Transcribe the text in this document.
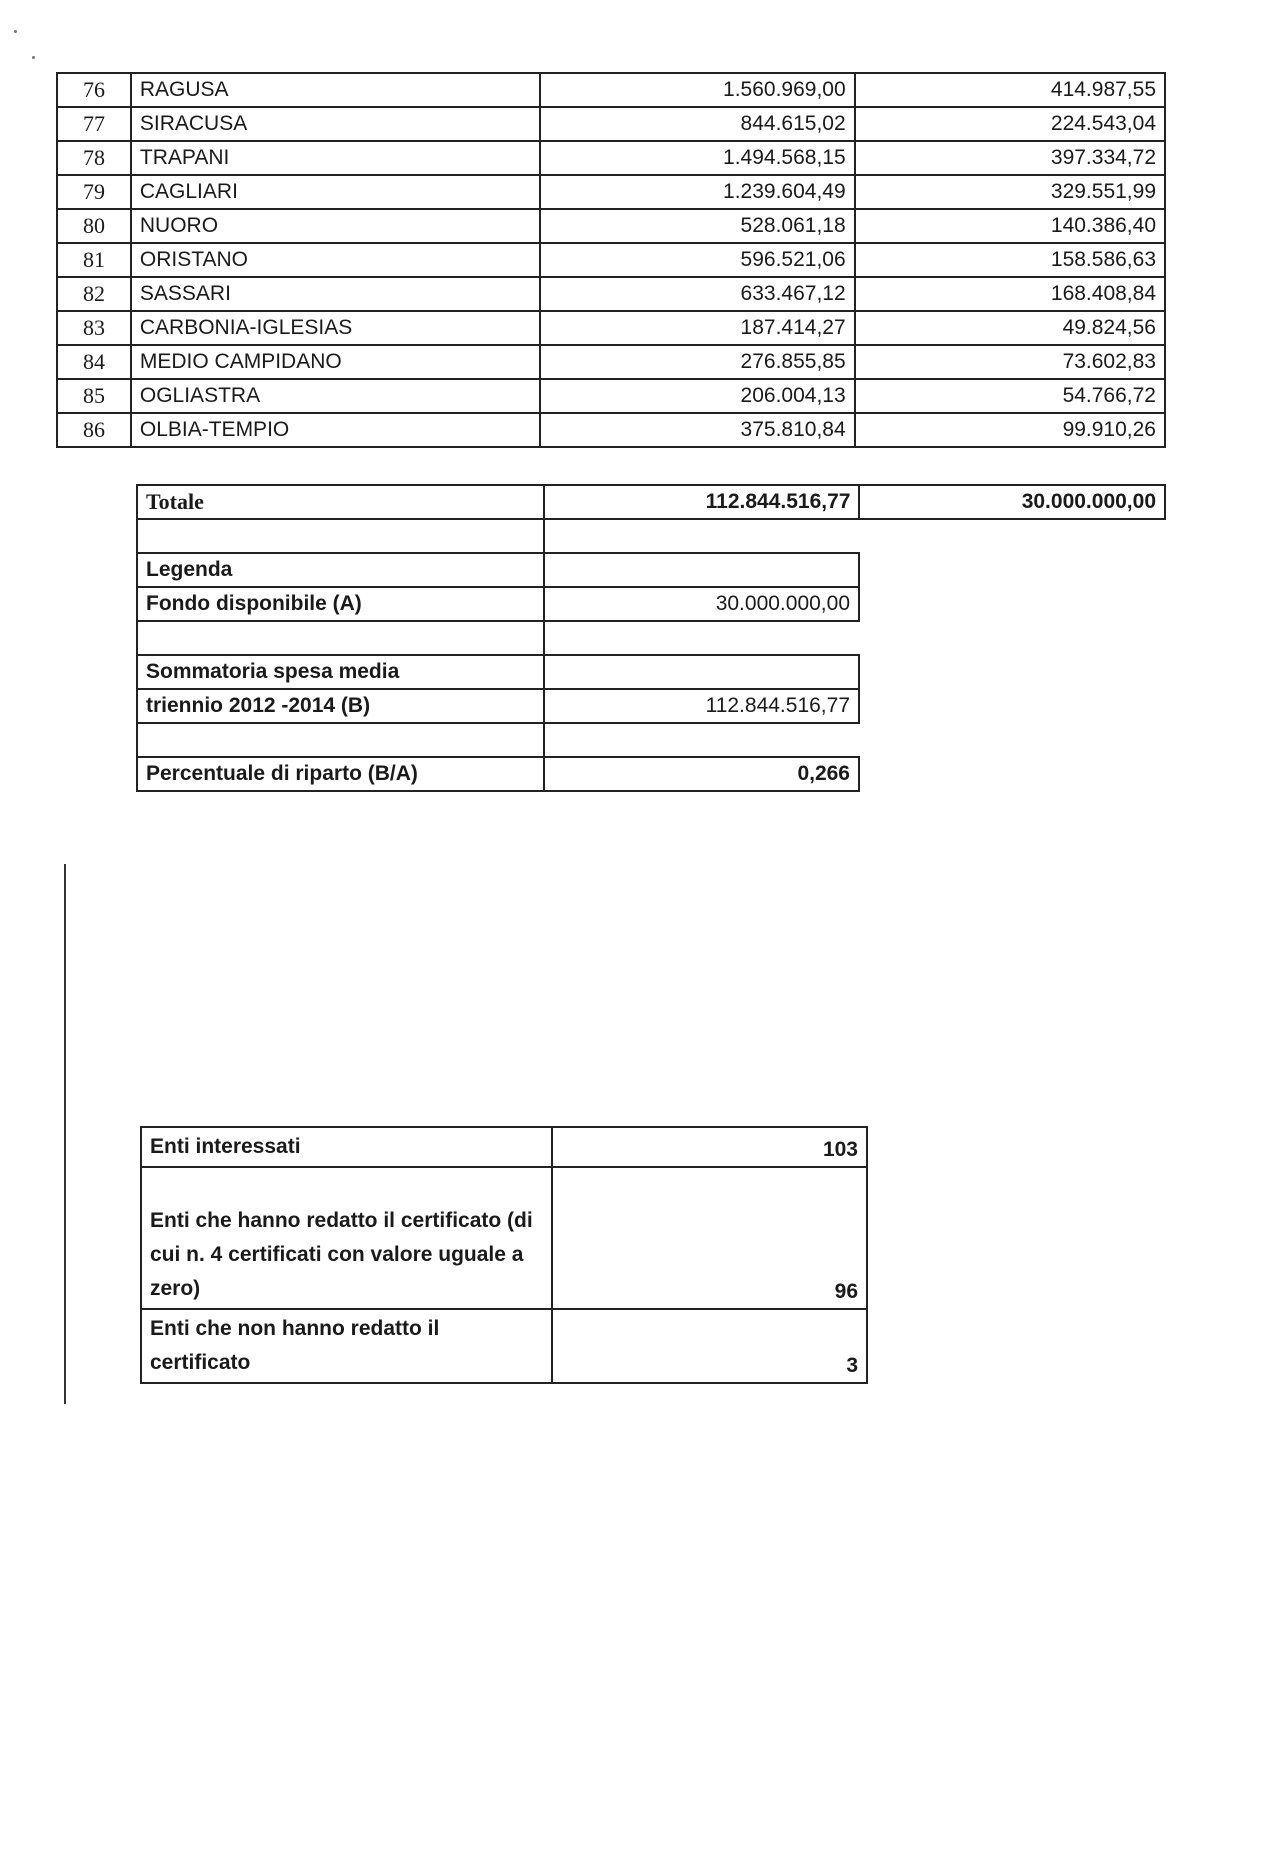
76	RAGUSA	1.560.969,00	414.987,55
77	SIRACUSA	844.615,02	224.543,04
78	TRAPANI	1.494.568,15	397.334,72
79	CAGLIARI	1.239.604,49	329.551,99
80	NUORO	528.061,18	140.386,40
81	ORISTANO	596.521,06	158.586,63
82	SASSARI	633.467,12	168.408,84
83	CARBONIA-IGLESIAS	187.414,27	49.824,56
84	MEDIO CAMPIDANO	276.855,85	73.602,83
85	OGLIASTRA	206.004,13	54.766,72
86	OLBIA-TEMPIO	375.810,84	99.910,26
Totale	112.844.516,77	30.000.000,00

Legenda	
Fondo disponibile (A)	30.000.000,00

Sommatoria spesa media	
triennio 2012 -2014 (B)	112.844.516,77

Percentuale di riparto (B/A)	0,266
Enti interessati	103
Enti che hanno redatto il certificato (di cui n. 4 certificati con valore uguale a zero)	96
Enti che non hanno redatto il certificato	3
